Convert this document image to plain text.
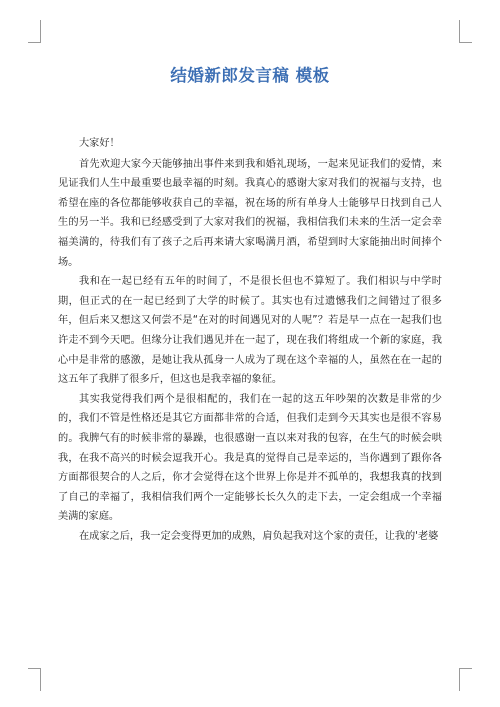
结婚新郎发言稿 模板

大家好！

首先欢迎大家今天能够抽出事件来到我和婚礼现场，一起来见证我们的爱情，来见证我们人生中最重要也最幸福的时刻。我真心的感谢大家对我们的祝福与支持，也希望在座的各位都能够收获自己的幸福，祝在场的所有单身人士能够早日找到自己人生的另一半。我和已经感受到了大家对我们的祝福，我相信我们未来的生活一定会幸福美满的，待我们有了孩子之后再来请大家喝满月酒，希望到时大家能抽出时间捧个场。

我和在一起已经有五年的时间了，不是很长但也不算短了。我们相识与中学时期，但正式的在一起已经到了大学的时候了。其实也有过遗憾我们之间错过了很多年，但后来又想这又何尝不是“在对的时间遇见对的人呢”？若是早一点在一起我们也许走不到今天吧。但缘分让我们遇见并在一起了，现在我们将组成一个新的家庭，我心中是非常的感激，是她让我从孤身一人成为了现在这个幸福的人，虽然在在一起的这五年了我胖了很多斤，但这也是我幸福的象征。

其实我觉得我们两个是很相配的，我们在一起的这五年吵架的次数是非常的少的，我们不管是性格还是其它方面都非常的合适，但我们走到今天其实也是很不容易的。我脾气有的时候非常的暴躁，也很感谢一直以来对我的包容，在生气的时候会哄我，在我不高兴的时候会逗我开心。我是真的觉得自己是幸运的，当你遇到了跟你各方面都很契合的人之后，你才会觉得在这个世界上你是并不孤单的，我想我真的找到了自己的幸福了，我相信我们两个一定能够长长久久的走下去，一定会组成一个幸福美满的家庭。

在成家之后，我一定会变得更加的成熟，肩负起我对这个家的责任，让我的'老婆
